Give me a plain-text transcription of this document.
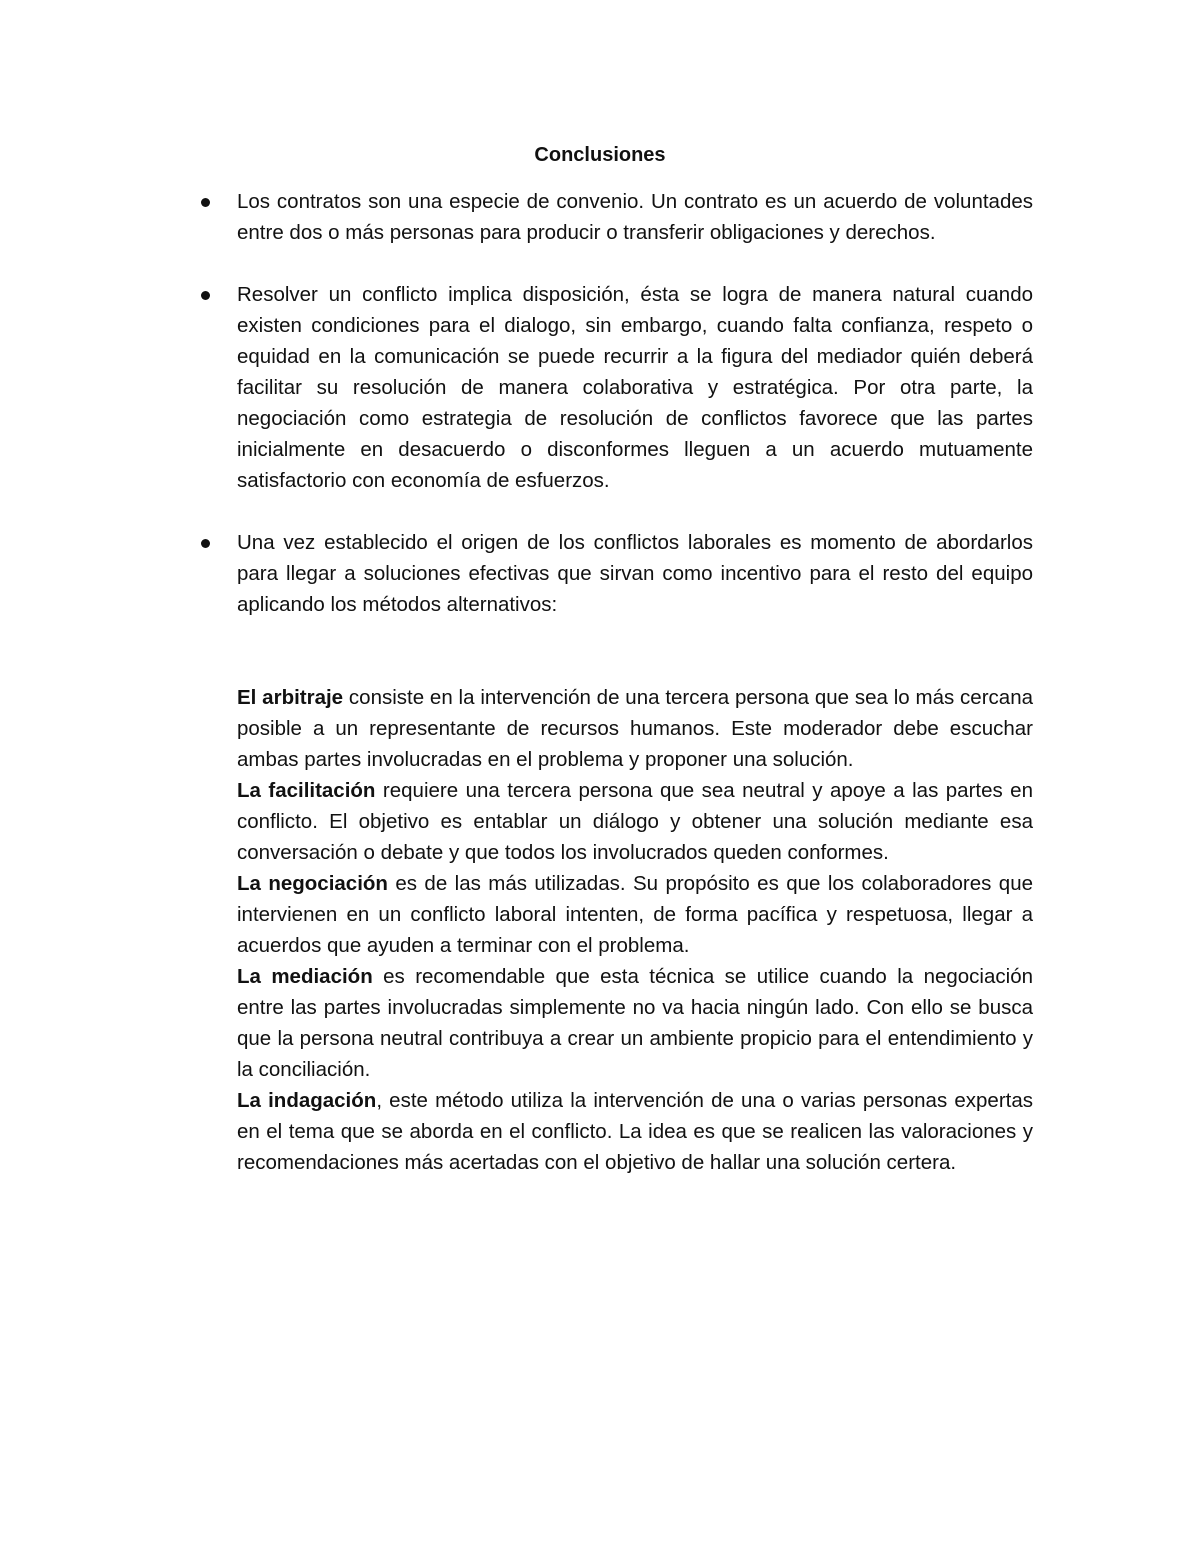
Conclusiones
Los contratos son una especie de convenio. Un contrato es un acuerdo de voluntades entre dos o más personas para producir o transferir obligaciones y derechos.
Resolver un conflicto implica disposición, ésta se logra de manera natural cuando existen condiciones para el dialogo, sin embargo, cuando falta confianza, respeto o equidad en la comunicación se puede recurrir a la figura del mediador quién deberá facilitar su resolución de manera colaborativa y estratégica. Por otra parte, la negociación como estrategia de resolución de conflictos favorece que las partes inicialmente en desacuerdo o disconformes lleguen a un acuerdo mutuamente satisfactorio con economía de esfuerzos.
Una vez establecido el origen de los conflictos laborales es momento de abordarlos para llegar a soluciones efectivas que sirvan como incentivo para el resto del equipo aplicando los métodos alternativos:

El arbitraje consiste en la intervención de una tercera persona que sea lo más cercana posible a un representante de recursos humanos. Este moderador debe escuchar ambas partes involucradas en el problema y proponer una solución.

La facilitación requiere una tercera persona que sea neutral y apoye a las partes en conflicto. El objetivo es entablar un diálogo y obtener una solución mediante esa conversación o debate y que todos los involucrados queden conformes.

La negociación es de las más utilizadas. Su propósito es que los colaboradores que intervienen en un conflicto laboral intenten, de forma pacífica y respetuosa, llegar a acuerdos que ayuden a terminar con el problema.

La mediación es recomendable que esta técnica se utilice cuando la negociación entre las partes involucradas simplemente no va hacia ningún lado. Con ello se busca que la persona neutral contribuya a crear un ambiente propicio para el entendimiento y la conciliación.

La indagación, este método utiliza la intervención de una o varias personas expertas en el tema que se aborda en el conflicto. La idea es que se realicen las valoraciones y recomendaciones más acertadas con el objetivo de hallar una solución certera.
